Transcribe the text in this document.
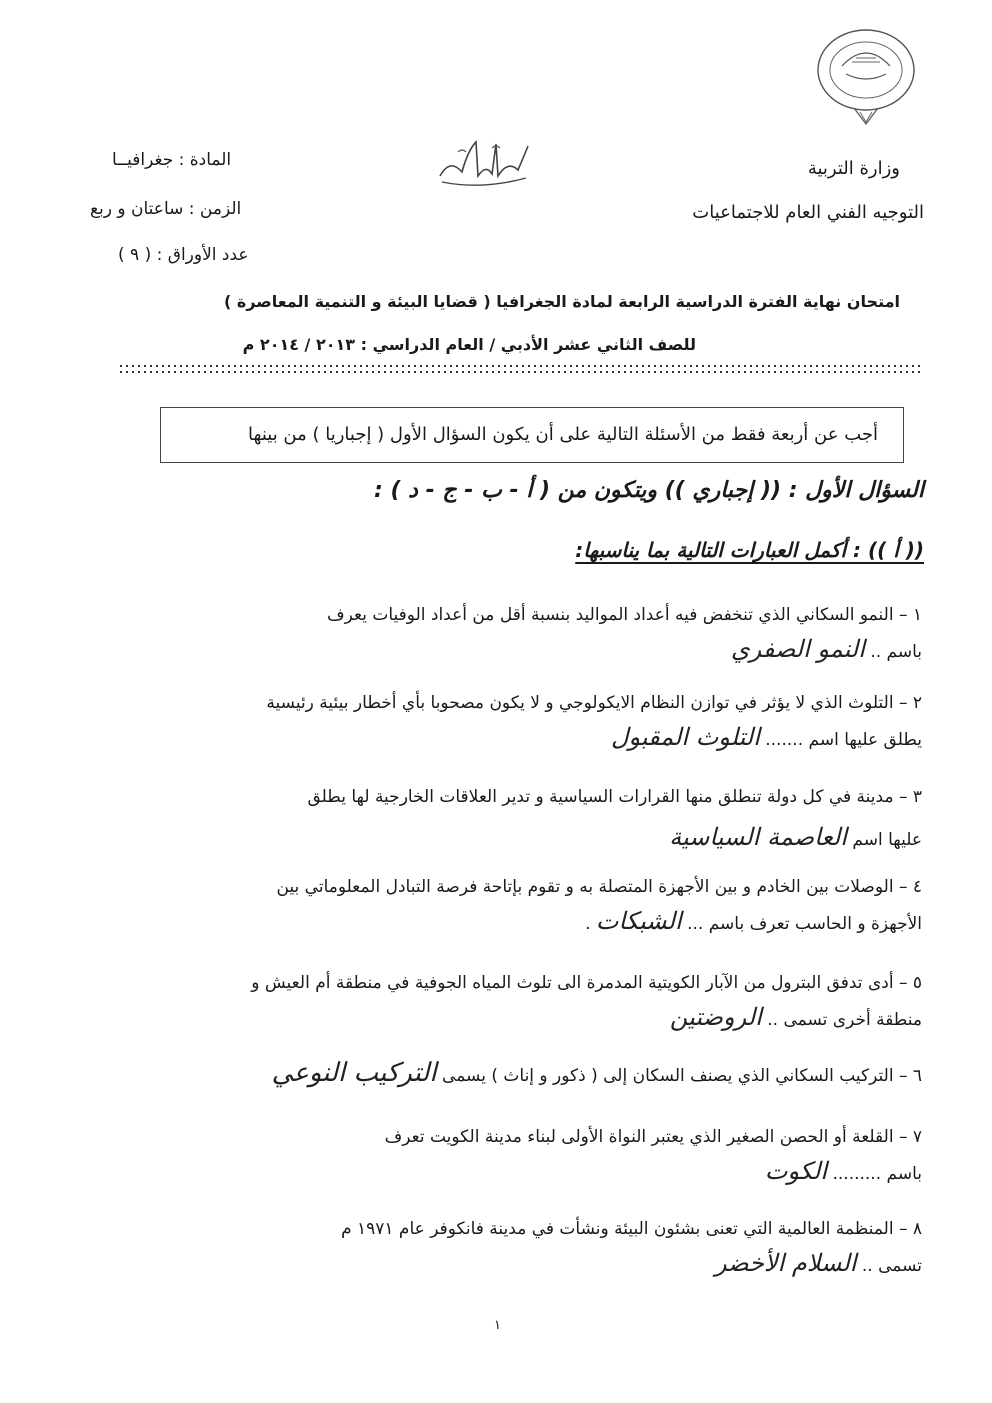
وزارة التربية
التوجيه الفني العام للاجتماعيات
المادة : جغرافيــا
الزمن : ساعتان و ربع
عدد الأوراق : ( ٩ )
امتحان نهاية الفترة الدراسية الرابعة لمادة الجغرافيا ( قضايا البيئة و التنمية المعاصرة )
للصف الثاني عشر الأدبي / العام الدراسي : ٢٠١٣ / ٢٠١٤ م
أجب عن أربعة فقط من الأسئلة التالية على أن يكون السؤال الأول ( إجباريا ) من بينها
السؤال الأول : (( إجباري )) ويتكون من ( أ - ب - ج - د ) :
(( أ )) : أكمل العبارات التالية بما يناسبها:
١ – النمو السكاني الذي تنخفض فيه أعداد المواليد بنسبة أقل من أعداد الوفيات يعرف
باسم .. النمو الصفري
٢ – التلوث الذي لا يؤثر في توازن النظام الايكولوجي و لا يكون مصحوبا بأي أخطار بيئية رئيسية
يطلق عليها اسم ....... التلوث المقبول
٣ – مدينة في كل دولة تنطلق منها القرارات السياسية و تدير العلاقات الخارجية لها يطلق
عليها اسم العاصمة السياسية
٤ – الوصلات بين الخادم و بين الأجهزة المتصلة به و تقوم بإتاحة فرصة التبادل المعلوماتي بين
الأجهزة و الحاسب تعرف باسم ... الشبكات .
٥ – أدى تدفق البترول من الآبار الكويتية المدمرة الى تلوث المياه الجوفية في منطقة أم العيش و
منطقة أخرى تسمى .. الروضتين
٦ – التركيب السكاني الذي يصنف السكان إلى ( ذكور و إناث ) يسمى التركيب النوعي
٧ – القلعة أو الحصن الصغير الذي يعتبر النواة الأولى لبناء مدينة الكويت تعرف
باسم ......... الكوت
٨ – المنظمة العالمية التي تعنى بشئون البيئة ونشأت في مدينة فانكوفر عام ١٩٧١ م
تسمى .. السلام الأخضر
١
